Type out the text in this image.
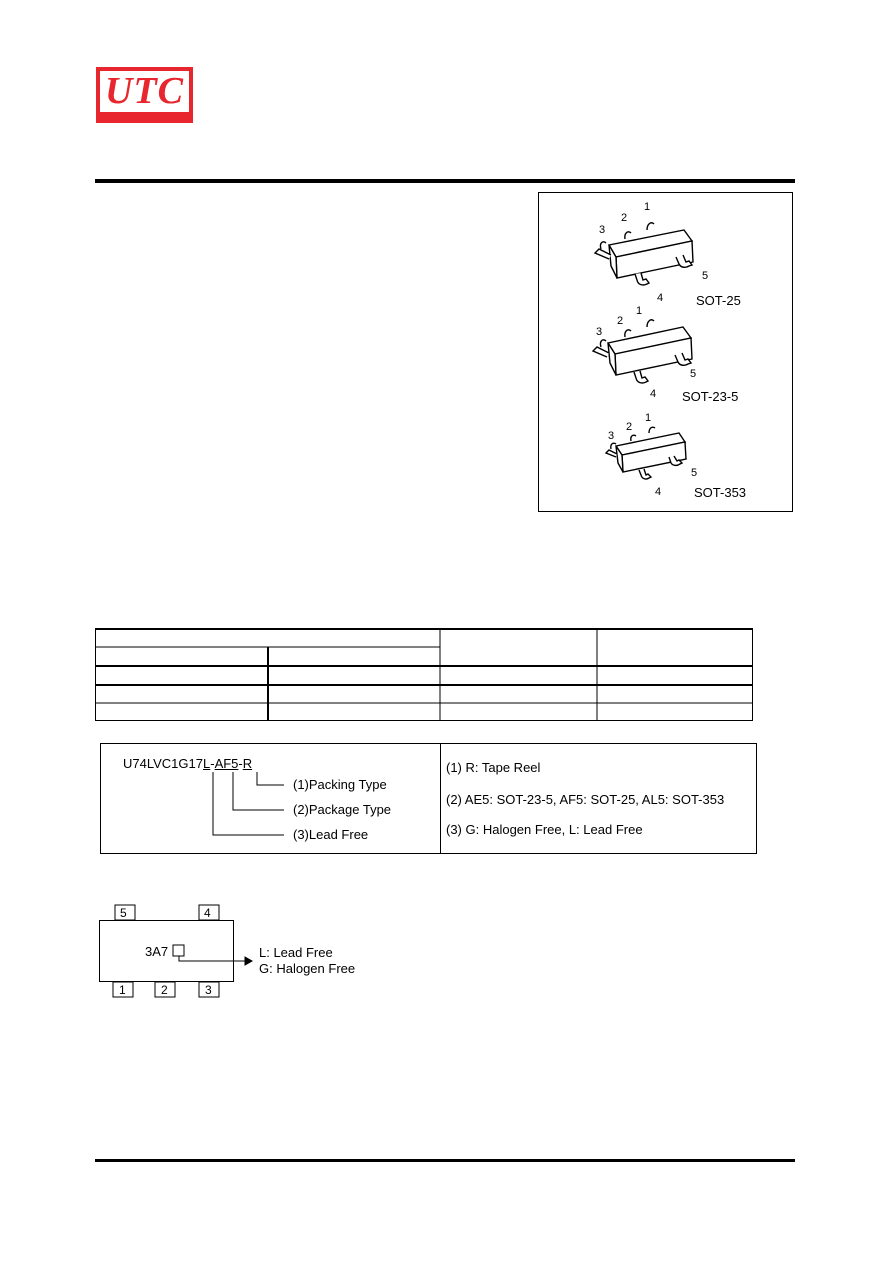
UTC
1
2
3
4
5
1
2
3
4
5
1
2
3
4
5
SOT-25
SOT-23-5
SOT-353
U74LVC1G17L-AF5-R
(1)Packing Type
(2)Package Type
(3)Lead Free
(1) R: Tape Reel
(2) AE5: SOT-23-5, AF5: SOT-25, AL5: SOT-353
(3) G: Halogen Free, L: Lead Free
5	4
1	2	3
3A7	L: Lead Free
G: Halogen Free
